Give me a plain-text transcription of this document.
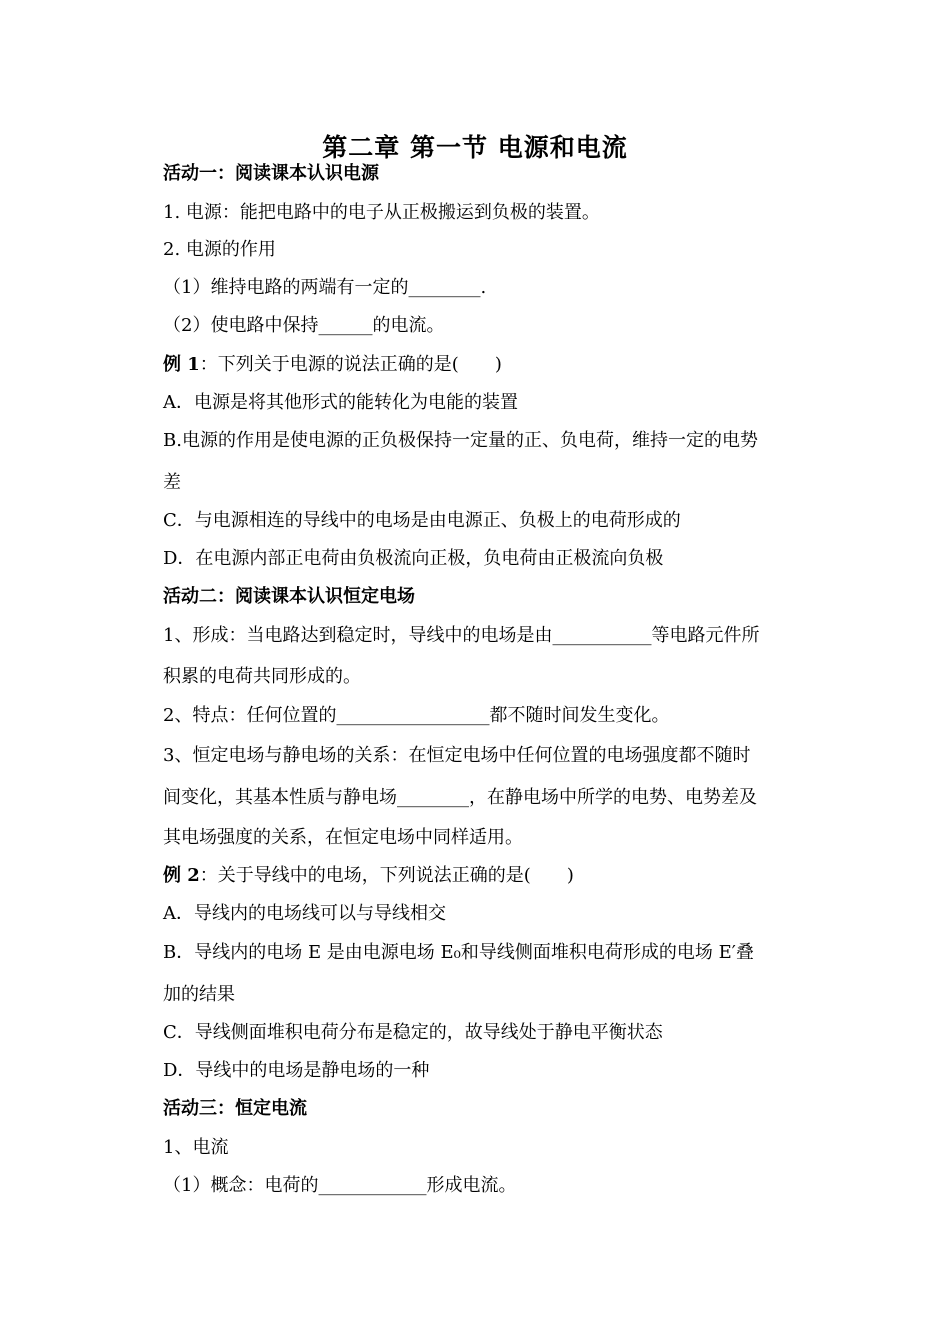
第二章 第一节 电源和电流
活动一：阅读课本认识电源
1. 电源：能把电路中的电子从正极搬运到负极的装置。
2. 电源的作用
（1）维持电路的两端有一定的________.
（2）使电路中保持______的电流。
例 1：下列关于电源的说法正确的是(　　)
A．电源是将其他形式的能转化为电能的装置
B.电源的作用是使电源的正负极保持一定量的正、负电荷，维持一定的电势
差
C．与电源相连的导线中的电场是由电源正、负极上的电荷形成的
D．在电源内部正电荷由负极流向正极，负电荷由正极流向负极
活动二：阅读课本认识恒定电场
1、形成：当电路达到稳定时，导线中的电场是由___________等电路元件所
积累的电荷共同形成的。
2、特点：任何位置的_________________都不随时间发生变化。
3、恒定电场与静电场的关系：在恒定电场中任何位置的电场强度都不随时
间变化，其基本性质与静电场________，在静电场中所学的电势、电势差及
其电场强度的关系，在恒定电场中同样适用。
例 2：关于导线中的电场，下列说法正确的是(　　)
A．导线内的电场线可以与导线相交
B．导线内的电场 E 是由电源电场 E₀和导线侧面堆积电荷形成的电场 E′叠
加的结果
C．导线侧面堆积电荷分布是稳定的，故导线处于静电平衡状态
D．导线中的电场是静电场的一种
活动三：恒定电流
1、电流
（1）概念：电荷的____________形成电流。
